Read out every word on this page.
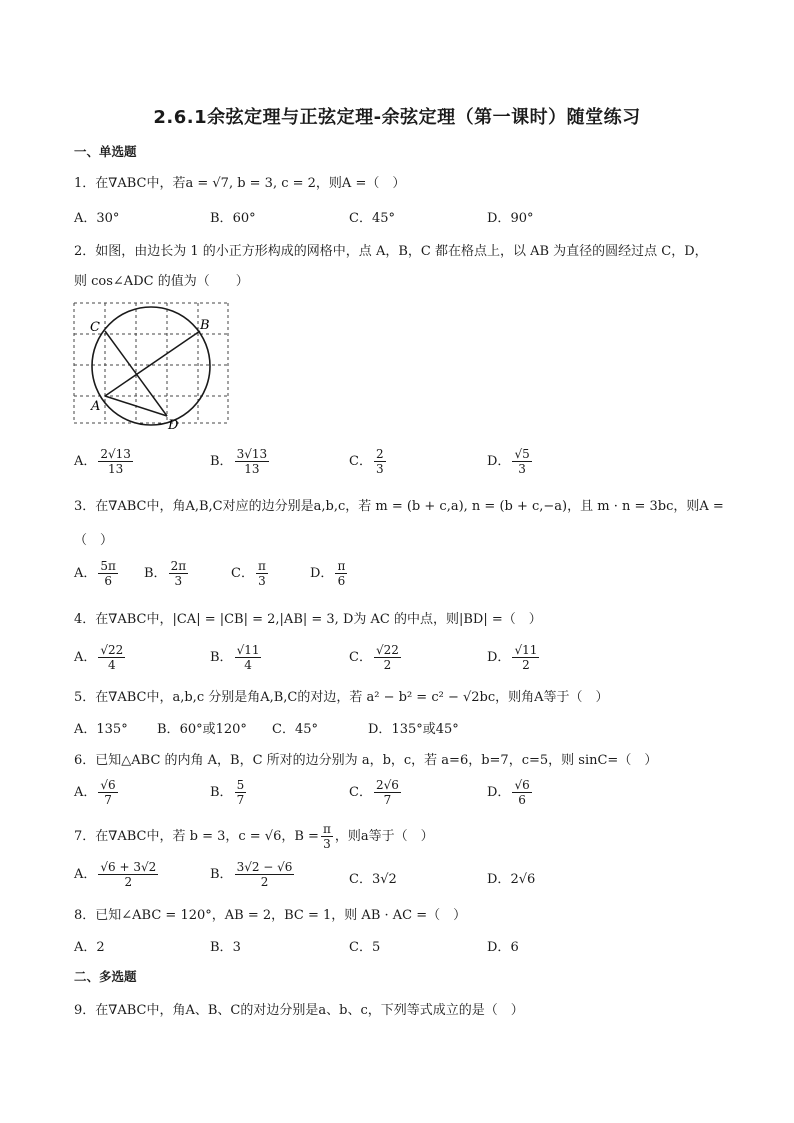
2.6.1余弦定理与正弦定理-余弦定理（第一课时）随堂练习
一、单选题
1．在∇ABC中，若a = √7, b = 3, c = 2，则A =（　）
A．30°	B．60°	C．45°	D．90°
2．如图，由边长为 1 的小正方形构成的网格中，点 A，B，C 都在格点上，以 AB 为直径的圆经过点 C，D，
则 cos∠ADC 的值为（　　）
C	B
A
D
A． $\frac{2√13}{13}$	B． $\frac{3√13}{13}$	C． $\frac{2}{3}$	D． $\frac{√5}{3}$
3．在∇ABC中，角A,B,C对应的边分别是a,b,c，若 m = (b + c,a), n = (b + c,−a)，且 m · n = 3bc，则A =
（　）
A． $\frac{5\pi}{6}$ B． $\frac{2\pi}{3}$	C． $\frac{\pi}{3}$	D． $\frac{\pi}{6}$
4．在∇ABC中，|CA| = |CB| = 2,|AB| = 3, D为 AC 的中点，则|BD| =（　）
A． $\frac{√22}{4}$	B． $\frac{√11}{4}$	C． $\frac{√22}{2}$	D． $\frac{√11}{2}$
5．在∇ABC中，a,b,c 分别是角A,B,C的对边，若 a² − b² = c² − √2bc，则角A等于（　）
A．135° B．60°或120° C．45°	D．135°或45°
6．已知△ABC 的内角 A，B，C 所对的边分别为 a，b，c，若 a=6，b=7，c=5，则 sinC=（　）
A． $\frac{√6}{7}$	B． $\frac{5}{7}$	C． $\frac{2√6}{7}$	D． $\frac{√6}{6}$
7．在∇ABC中，若 b = 3，c = √6，$B = \frac{\pi}{3}$ ，则a等于（　）
A． $\frac{√6 + 3√2}{2}$	B． $\frac{3√2 - √6}{2}$	C．3√2	D．2√6
8．已知∠ABC = 120°，AB = 2，BC = 1，则 AB · AC =（　）
A．2	B．3	C．5	D．6
二、多选题
9．在∇ABC中，角A、B、C的对边分别是a、b、c，下列等式成立的是（　）
